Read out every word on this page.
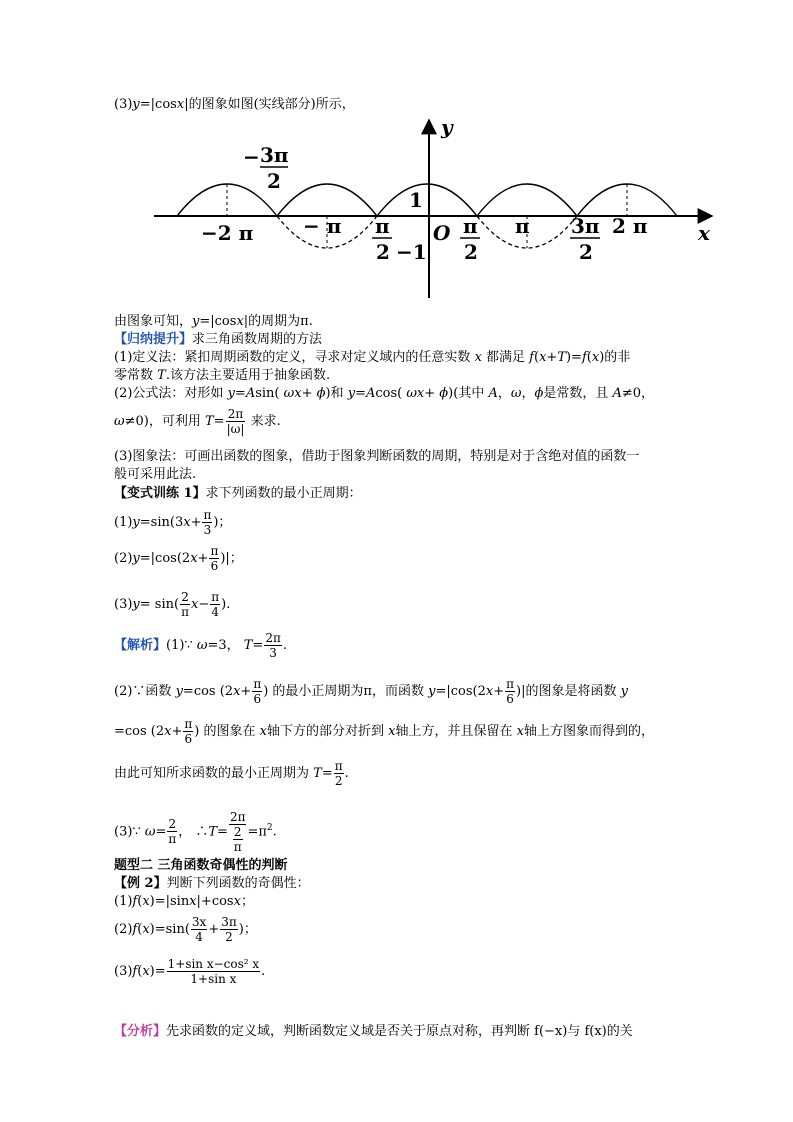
(3)y=|cosx|的图象如图(实线部分)所示，
y
x
− 3π
2
1
O
−2 π − π π
2 −1
π
2
π 3π
2
2 π
由图象可知，y=|cosx|的周期为π.
【归纳提升】求三角函数周期的方法
(1)定义法：紧扣周期函数的定义，寻求对定义域内的任意实数 x 都满足 f(x+T)=f(x)的非
零常数 T.该方法主要适用于抽象函数.
(2)公式法：对形如 y=Asin( ωx+ ϕ)和 y=Acos( ωx+ ϕ)(其中 A，ω，ϕ是常数，且 A≠0，
ω≠0)，可利用 $T= \frac{2\pi}{|\omega|}$ 来求.
(3)图象法：可画出函数的图象，借助于图象判断函数的周期，特别是对于含绝对值的函数一
般可采用此法.
【变式训练 1】求下列函数的最小正周期：
$(1)y=\sin(3x+ \frac{\pi}{3}$ )；
$(2)y=|\cos(2x+ \frac{\pi}{6}$ )|；
$(3)y= \sin( \frac{2}{\pi} x- \frac{\pi}{4}$ ).
【解析】(1)∵ ω=3， $T= \frac{2\pi}{3}$ .
(2)∵函数 y=cos ($2x+ \frac{\pi}{6}$ ) 的最小正周期为π，而函数 $y=|\cos(2x+ \frac{\pi}{6}$ )|的图象是将函数 y
=cos ($2x+ \frac{\pi}{6}$ ) 的图象在 x轴下方的部分对折到 x轴上方，并且保留在 x轴上方图象而得到的，
由此可知所求函数的最小正周期为 $T= \frac{\pi}{2}$ .
(3)∵ $\omega= \frac{2}{\pi}$ ， ∴T= $\frac{2\pi}{\frac{2}{\pi}} =\pi^2$.
题型二 三角函数奇偶性的判断
【例 2】判断下列函数的奇偶性：
(1)f(x)=|sinx|+cosx；
$(2)f(x)=\sin( \frac{3x}{4} + \frac{3\pi}{2}$ )；
$(3)f(x)= \frac{\text{1+sin x−cos² x}}{\text{1+sin x}}$ .
【分析】先求函数的定义域，判断函数定义域是否关于原点对称，再判断 f(−x)与 f(x)的关
